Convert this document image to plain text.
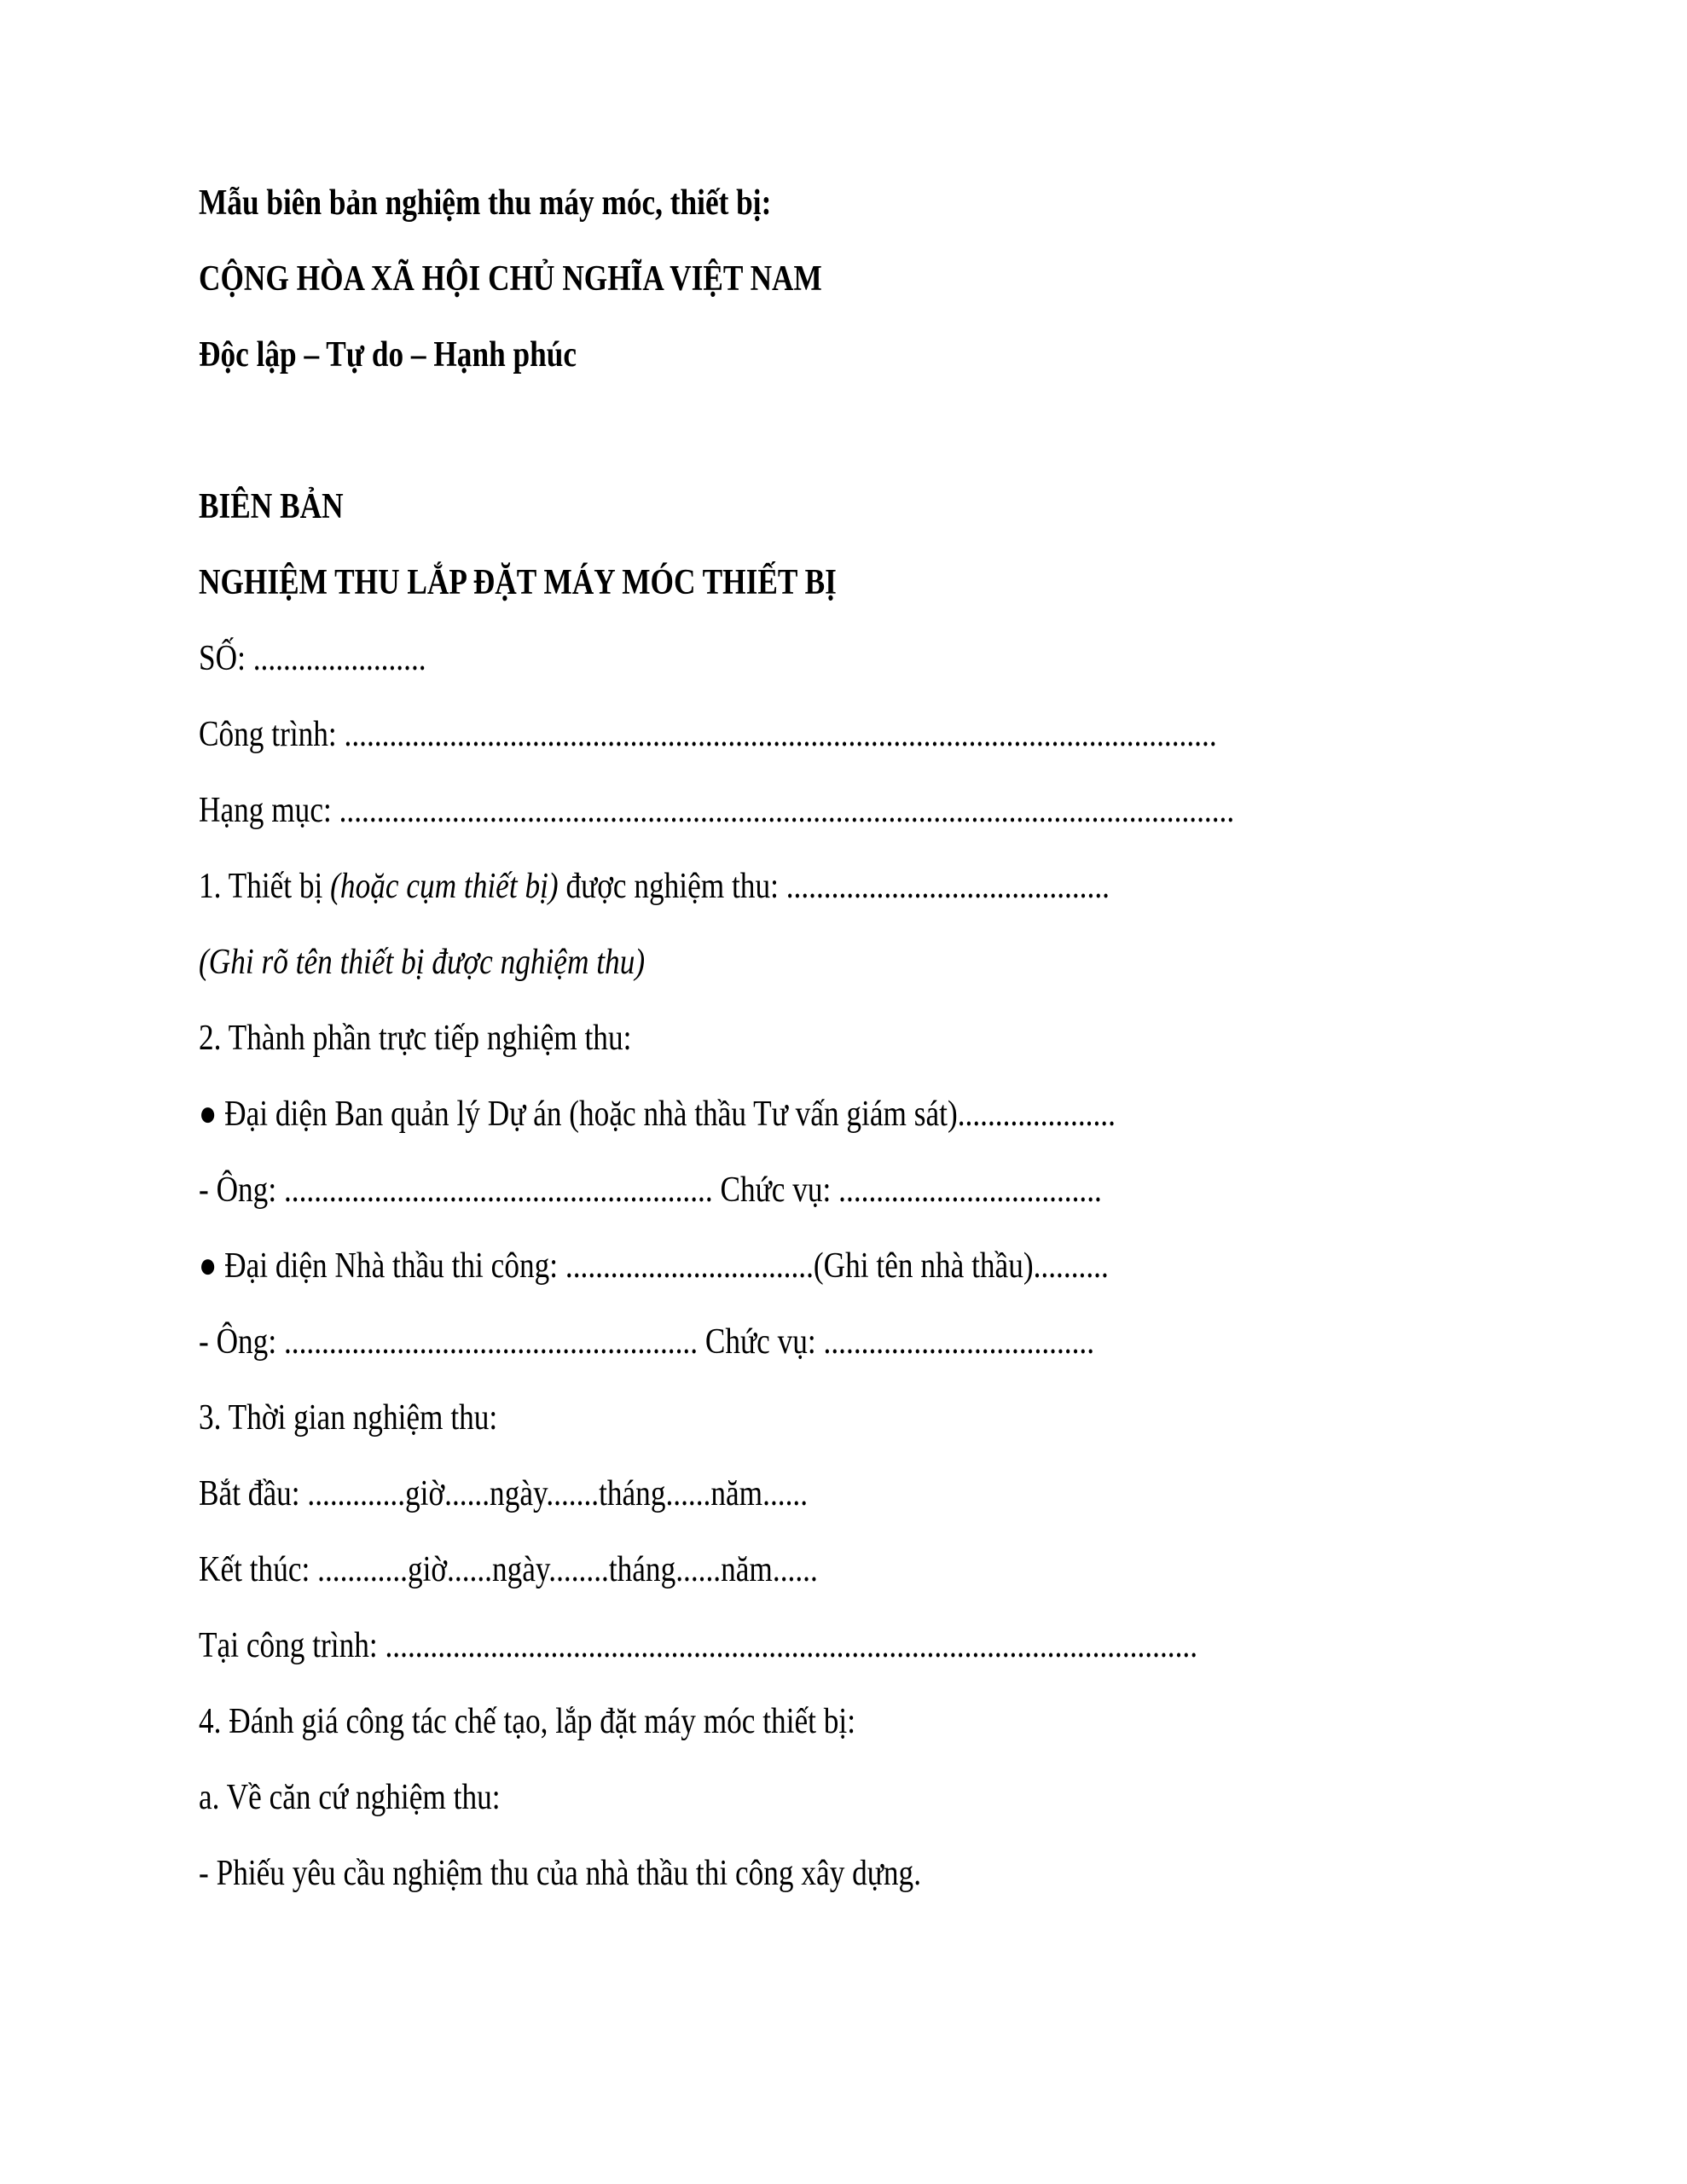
Mẫu biên bản nghiệm thu máy móc, thiết bị:

CỘNG HÒA XÃ HỘI CHỦ NGHĨA VIỆT NAM

Độc lập – Tự do – Hạnh phúc

BIÊN BẢN

NGHIỆM THU LẮP ĐẶT MÁY MÓC THIẾT BỊ

SỐ: .......................

Công trình: ....................................................................................................................

Hạng mục: .......................................................................................................................

1. Thiết bị (hoặc cụm thiết bị) được nghiệm thu: ...........................................

(Ghi rõ tên thiết bị được nghiệm thu)

2. Thành phần trực tiếp nghiệm thu:

● Đại diện Ban quản lý Dự án (hoặc nhà thầu Tư vấn giám sát).....................

- Ông: ......................................................... Chức vụ: ...................................

● Đại diện Nhà thầu thi công: .................................(Ghi tên nhà thầu)..........

- Ông: ....................................................... Chức vụ: ....................................

3. Thời gian nghiệm thu:

Bắt đầu: .............giờ......ngày.......tháng......năm......

Kết thúc: ............giờ......ngày........tháng......năm......

Tại công trình: ............................................................................................................

4. Đánh giá công tác chế tạo, lắp đặt máy móc thiết bị:

a. Về căn cứ nghiệm thu:

- Phiếu yêu cầu nghiệm thu của nhà thầu thi công xây dựng.
